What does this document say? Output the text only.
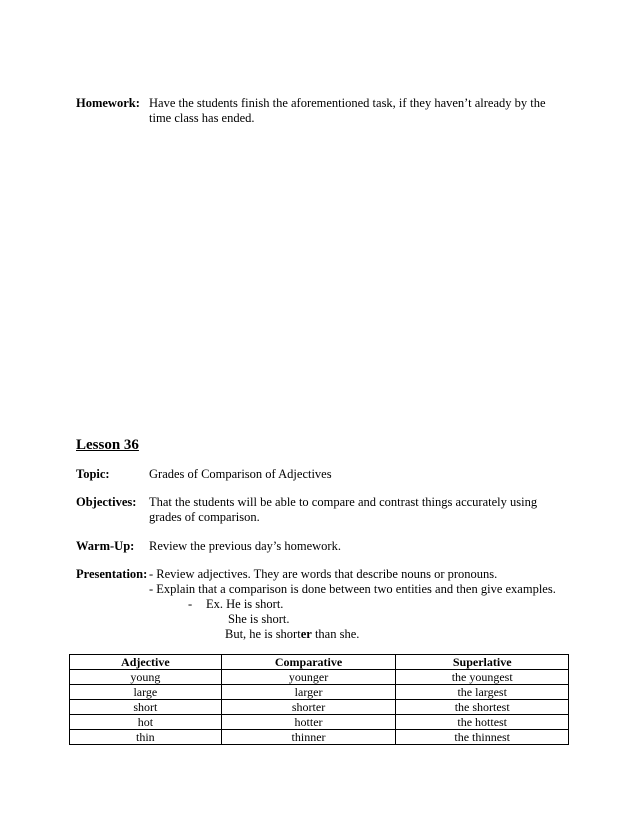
Homework: Have the students finish the aforementioned task, if they haven’t already by the time class has ended.
Lesson 36
Topic:	Grades of Comparison of Adjectives
Objectives: That the students will be able to compare and contrast things accurately using grades of comparison.
Warm-Up: Review the previous day’s homework.
Presentation: - Review adjectives. They are words that describe nouns or pronouns.
- Explain that a comparison is done between two entities and then give examples.
- Ex. He is short.
She is short.
But, he is shorter than she.
Adjective	Comparative	Superlative
young	younger	the youngest
large	larger	the largest
short	shorter	the shortest
hot	hotter	the hottest
thin	thinner	the thinnest
